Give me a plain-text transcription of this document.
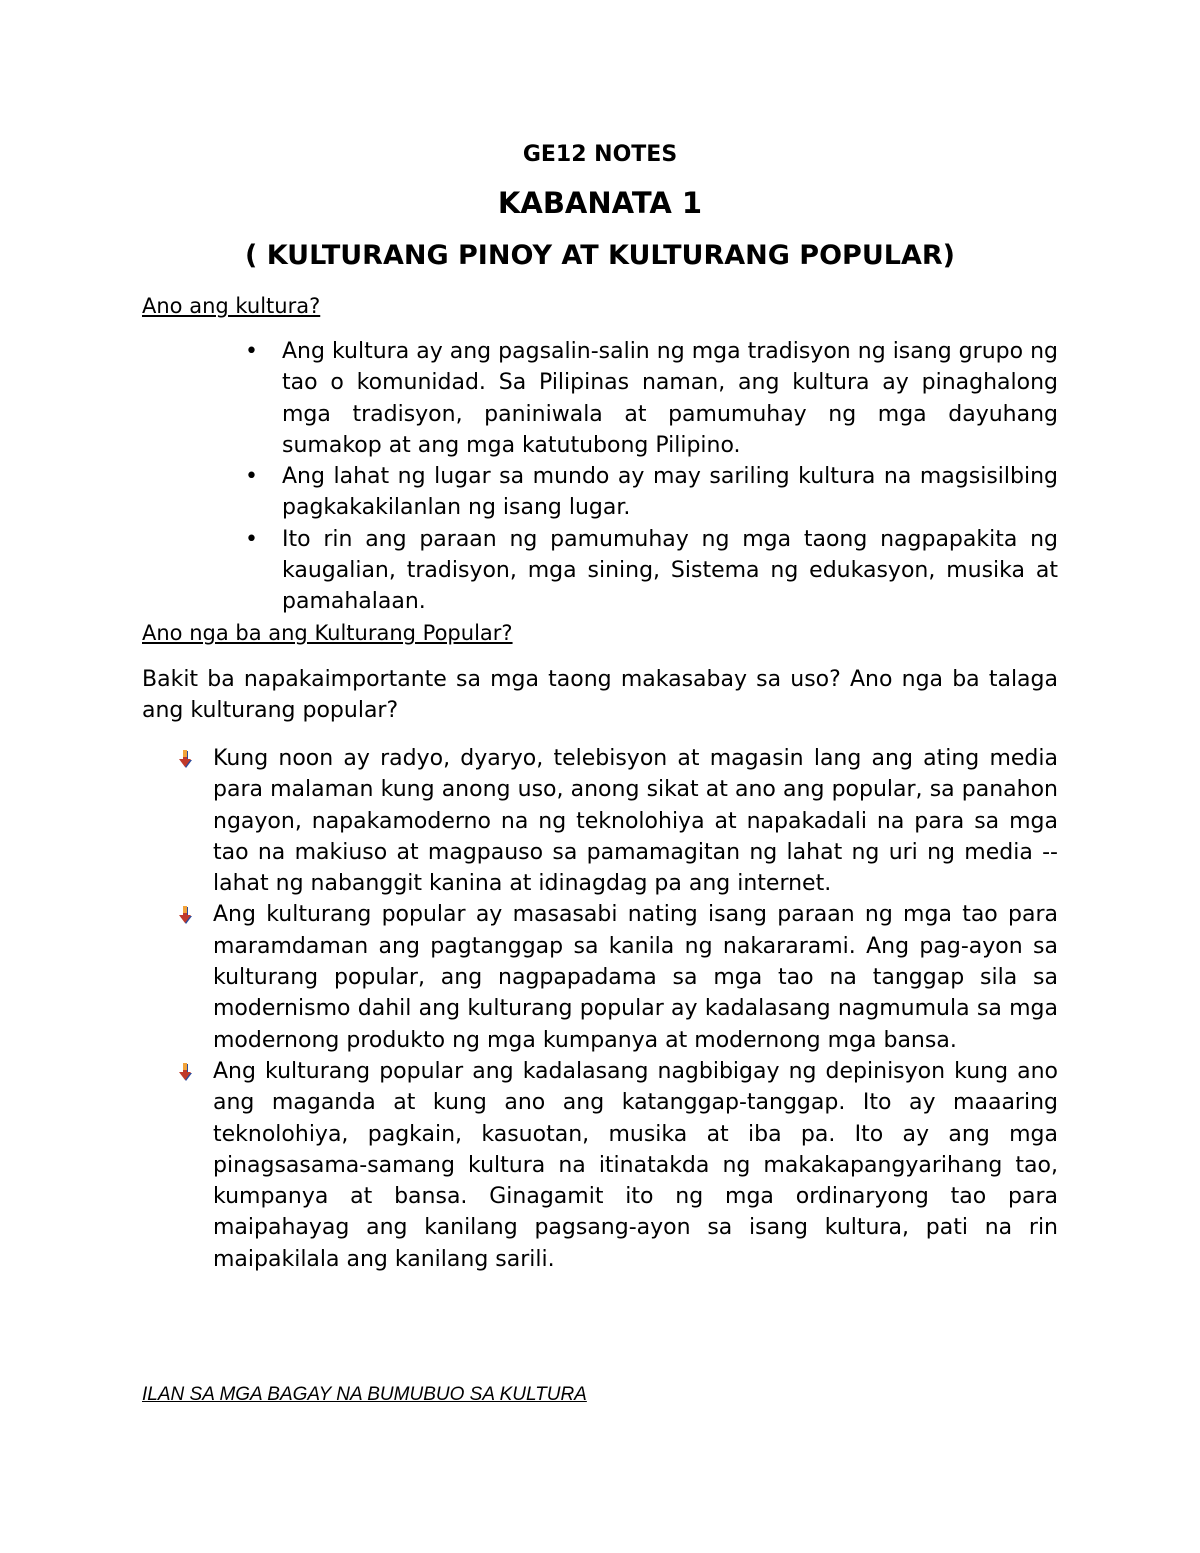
GE12 NOTES
KABANATA 1
( KULTURANG PINOY AT KULTURANG POPULAR)
Ano ang kultura?
• Ang kultura ay ang pagsalin-salin ng mga tradisyon ng isang grupo ng tao o komunidad. Sa Pilipinas naman, ang kultura ay pinaghalong mga tradisyon, paniniwala at pamumuhay ng mga dayuhang sumakop at ang mga katutubong Pilipino.
• Ang lahat ng lugar sa mundo ay may sariling kultura na magsisilbing pagkakakilanlan ng isang lugar.
• Ito rin ang paraan ng pamumuhay ng mga taong nagpapakita ng kaugalian, tradisyon, mga sining, Sistema ng edukasyon, musika at pamahalaan.
Ano nga ba ang Kulturang Popular?
Bakit ba napakaimportante sa mga taong makasabay sa uso? Ano nga ba talaga ang kulturang popular?
Kung noon ay radyo, dyaryo, telebisyon at magasin lang ang ating media para malaman kung anong uso, anong sikat at ano ang popular, sa panahon ngayon, napakamoderno na ng teknolohiya at napakadali na para sa mga tao na makiuso at magpauso sa pamamagitan ng lahat ng uri ng media --lahat ng nabanggit kanina at idinagdag pa ang internet.
Ang kulturang popular ay masasabi nating isang paraan ng mga tao para maramdaman ang pagtanggap sa kanila ng nakararami. Ang pag-ayon sa kulturang popular, ang nagpapadama sa mga tao na tanggap sila sa modernismo dahil ang kulturang popular ay kadalasang nagmumula sa mga modernong produkto ng mga kumpanya at modernong mga bansa.
Ang kulturang popular ang kadalasang nagbibigay ng depinisyon kung ano ang maganda at kung ano ang katanggap-tanggap. Ito ay maaaring teknolohiya, pagkain, kasuotan, musika at iba pa. Ito ay ang mga pinagsasama-samang kultura na itinatakda ng makakapangyarihang tao, kumpanya at bansa. Ginagamit ito ng mga ordinaryong tao para maipahayag ang kanilang pagsang-ayon sa isang kultura, pati na rin maipakilala ang kanilang sarili.
ILAN SA MGA BAGAY NA BUMUBUO SA KULTURA
